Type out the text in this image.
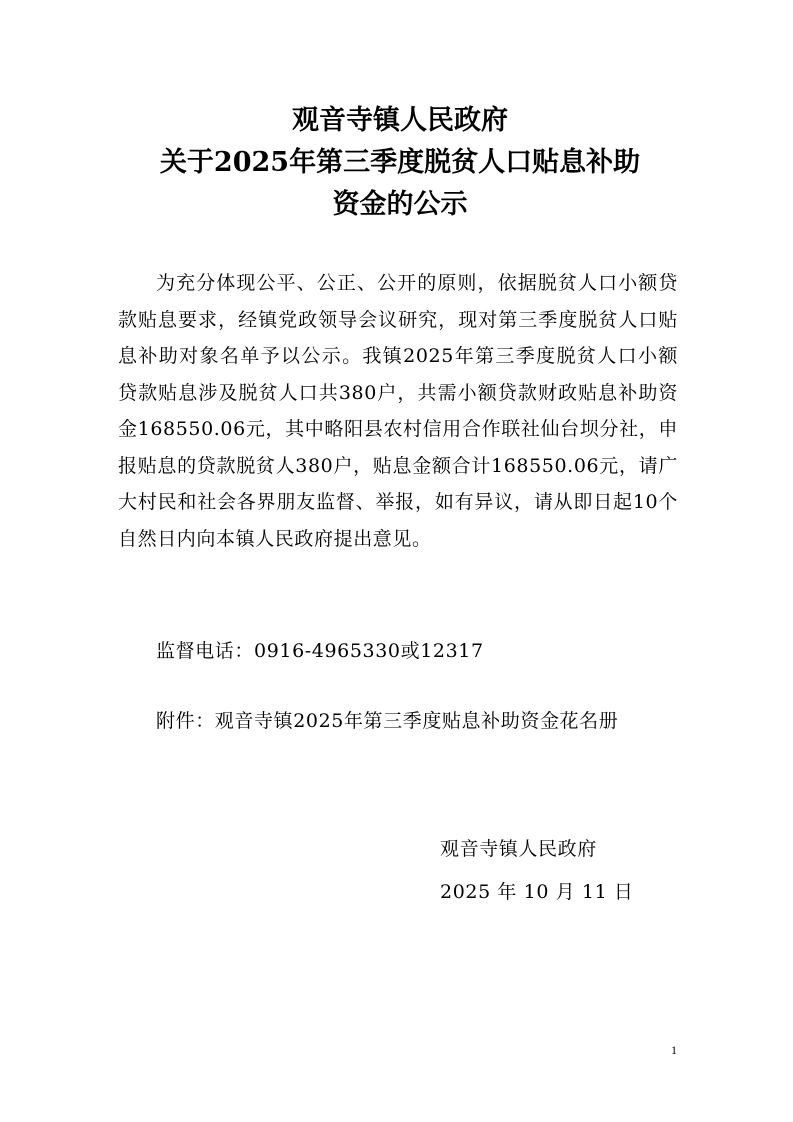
观音寺镇人民政府
关于2025年第三季度脱贫人口贴息补助
资金的公示

为充分体现公平、公正、公开的原则，依据脱贫人口小额贷款贴息要求，经镇党政领导会议研究，现对第三季度脱贫人口贴息补助对象名单予以公示。我镇2025年第三季度脱贫人口小额贷款贴息涉及脱贫人口共380户，共需小额贷款财政贴息补助资金168550.06元，其中略阳县农村信用合作联社仙台坝分社，申报贴息的贷款脱贫人380户，贴息金额合计168550.06元，请广大村民和社会各界朋友监督、举报，如有异议，请从即日起10个自然日内向本镇人民政府提出意见。

监督电话：0916-4965330或12317
附件：观音寺镇2025年第三季度贴息补助资金花名册
观音寺镇人民政府
2025 年 10 月 11 日
1
